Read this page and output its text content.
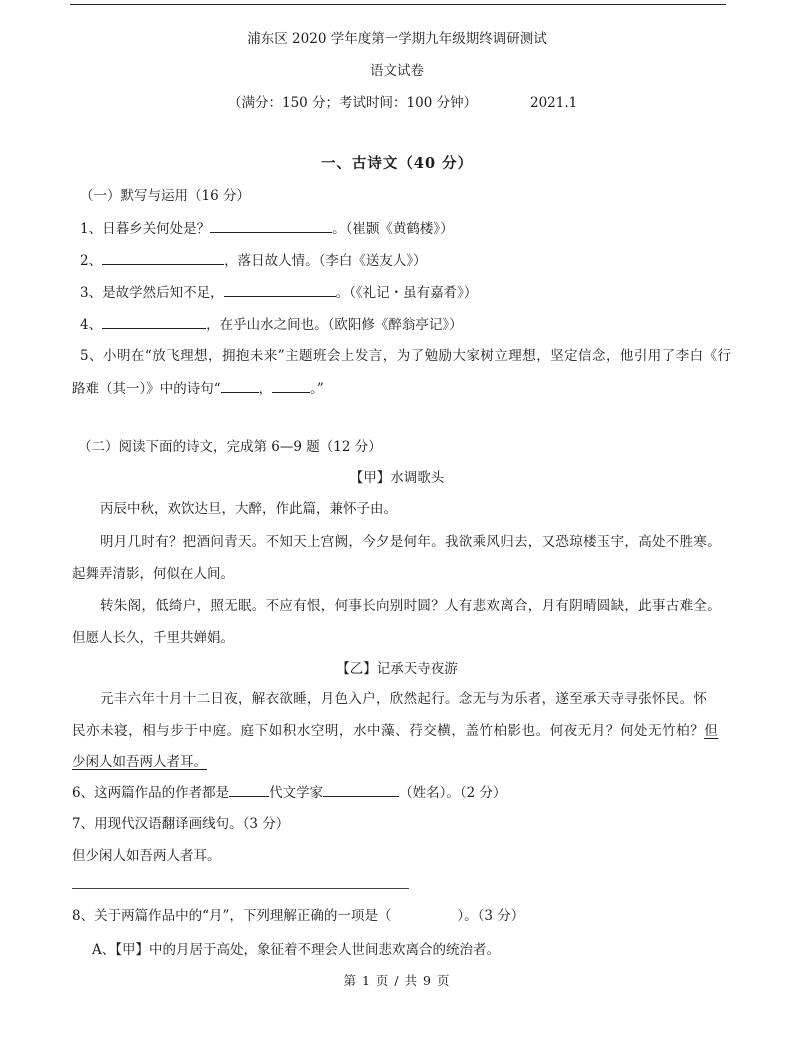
浦东区 2020 学年度第一学期九年级期终调研测试
语文试卷
（满分：150 分；考试时间：100 分钟）	2021.1
一、古诗文（40 分）
（一）默写与运用（16 分）
1、日暮乡关何处是？	。（崔颢《黄鹤楼》）
2、	，落日故人情。（李白《送友人》）
3、是故学然后知不足，	。（《礼记・虽有嘉肴》）
4、	，在乎山水之间也。（欧阳修《醉翁亭记》）
5、小明在“放飞理想，拥抱未来”主题班会上发言，为了勉励大家树立理想，坚定信念，他引用了李白《行
路难（其一）》中的诗句“	，	。”
（二）阅读下面的诗文，完成第 6—9 题（12 分）
【甲】水调歌头
丙辰中秋，欢饮达旦，大醉，作此篇，兼怀子由。
明月几时有？把酒问青天。不知天上宫阙，今夕是何年。我欲乘风归去，又恐琼楼玉宇，高处不胜寒。
起舞弄清影，何似在人间。
转朱阁，低绮户，照无眠。不应有恨，何事长向别时圆？人有悲欢离合，月有阴晴圆缺，此事古难全。
但愿人长久，千里共婵娟。
【乙】记承天寺夜游
元丰六年十月十二日夜，解衣欲睡，月色入户，欣然起行。念无与为乐者，遂至承天寺寻张怀民。怀
民亦未寝，相与步于中庭。庭下如积水空明，水中藻、荇交横，盖竹柏影也。何夜无月？何处无竹柏？但
少闲人如吾两人者耳。
6、这两篇作品的作者都是	代文学家	（姓名）。（2 分）
7、用现代汉语翻译画线句。（3 分）
但少闲人如吾两人者耳。
8、关于两篇作品中的“月”，下列理解正确的一项是（	）。（3 分）
A、【甲】中的月居于高处，象征着不理会人世间悲欢离合的统治者。
第 1 页 / 共 9 页
